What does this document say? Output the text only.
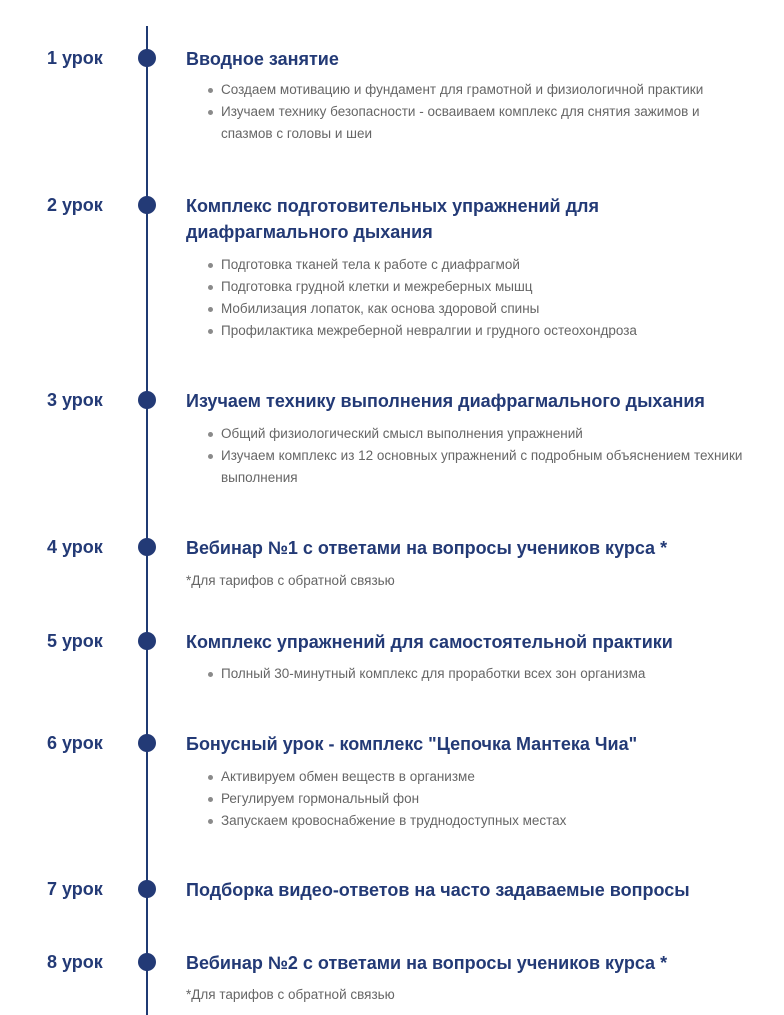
1 урок	Вводное занятие
Создаем мотивацию и фундамент для грамотной и физиологичной практики
Изучаем технику безопасности - осваиваем комплекс для снятия зажимов и спазмов с головы и шеи
2 урок	Комплекс подготовительных упражнений для диафрагмального дыхания
Подготовка тканей тела к работе с диафрагмой
Подготовка грудной клетки и межреберных мышц
Мобилизация лопаток, как основа здоровой спины
Профилактика межреберной невралгии и грудного остеохондроза
3 урок	Изучаем технику выполнения диафрагмального дыхания
Общий физиологический смысл выполнения упражнений
Изучаем комплекс из 12 основных упражнений с подробным объяснением техники выполнения
4 урок	Вебинар №1 с ответами на вопросы учеников курса *
*Для тарифов с обратной связью
5 урок	Комплекс упражнений для самостоятельной практики
Полный 30-минутный комплекс для проработки всех зон организма
6 урок	Бонусный урок - комплекс "Цепочка Мантека Чиа"
Активируем обмен веществ в организме
Регулируем гормональный фон
Запускаем кровоснабжение в труднодоступных местах
7 урок	Подборка видео-ответов на часто задаваемые вопросы
8 урок	Вебинар №2 с ответами на вопросы учеников курса *
*Для тарифов с обратной связью
